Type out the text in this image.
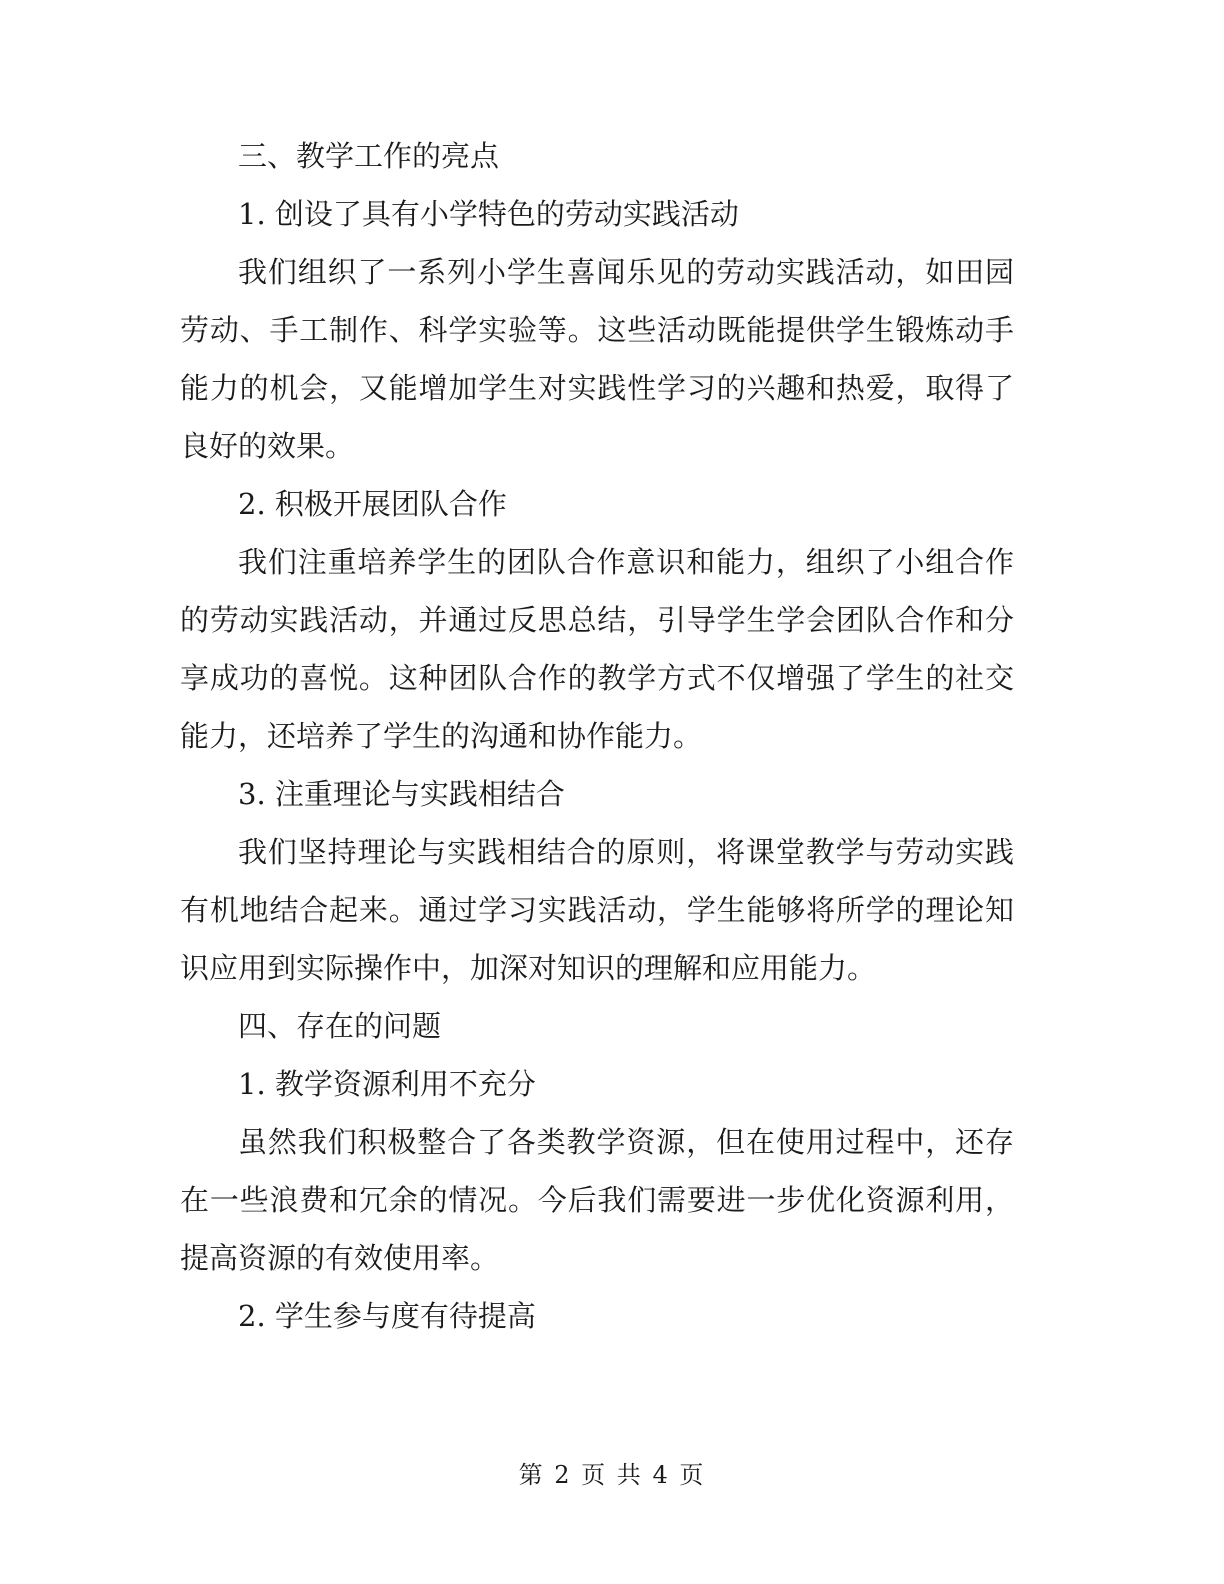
三、教学工作的亮点

1. 创设了具有小学特色的劳动实践活动

我们组织了一系列小学生喜闻乐见的劳动实践活动，如田园劳动、手工制作、科学实验等。这些活动既能提供学生锻炼动手能力的机会，又能增加学生对实践性学习的兴趣和热爱，取得了良好的效果。

2. 积极开展团队合作

我们注重培养学生的团队合作意识和能力，组织了小组合作的劳动实践活动，并通过反思总结，引导学生学会团队合作和分享成功的喜悦。这种团队合作的教学方式不仅增强了学生的社交能力，还培养了学生的沟通和协作能力。

3. 注重理论与实践相结合

我们坚持理论与实践相结合的原则，将课堂教学与劳动实践有机地结合起来。通过学习实践活动，学生能够将所学的理论知识应用到实际操作中，加深对知识的理解和应用能力。

四、存在的问题

1. 教学资源利用不充分

虽然我们积极整合了各类教学资源，但在使用过程中，还存在一些浪费和冗余的情况。今后我们需要进一步优化资源利用，提高资源的有效使用率。

2. 学生参与度有待提高

第 2 页 共 4 页
